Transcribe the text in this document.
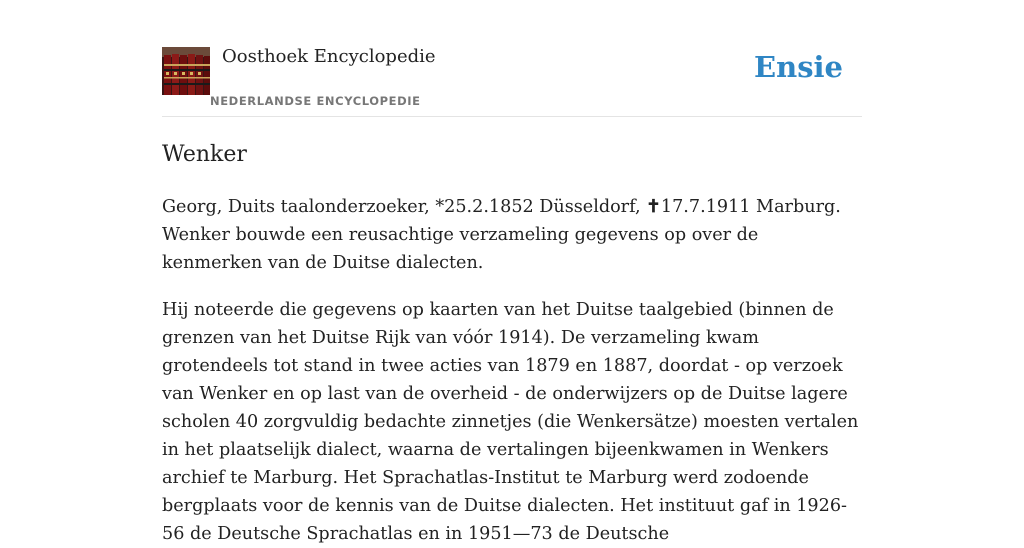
Oosthoek Encyclopedie
NEDERLANDSE ENCYCLOPEDIE
Ensie
Wenker

Georg, Duits taalonderzoeker, *25.2.1852 Düsseldorf, ✝17.7.1911 Marburg. Wenker bouwde een reusachtige verzameling gegevens op over de kenmerken van de Duitse dialecten.

Hij noteerde die gegevens op kaarten van het Duitse taalgebied (binnen de grenzen van het Duitse Rijk van vóór 1914). De verzameling kwam grotendeels tot stand in twee acties van 1879 en 1887, doordat - op verzoek van Wenker en op last van de overheid - de onderwijzers op de Duitse lagere scholen 40 zorgvuldig bedachte zinnetjes (die Wenkersätze) moesten vertalen in het plaatselijk dialect, waarna de vertalingen bijeenkwamen in Wenkers archief te Marburg. Het Sprachatlas-Institut te Marburg werd zodoende bergplaats voor de kennis van de Duitse dialecten. Het instituut gaf in 1926-56 de Deutsche Sprachatlas en in 1951—73 de Deutsche
